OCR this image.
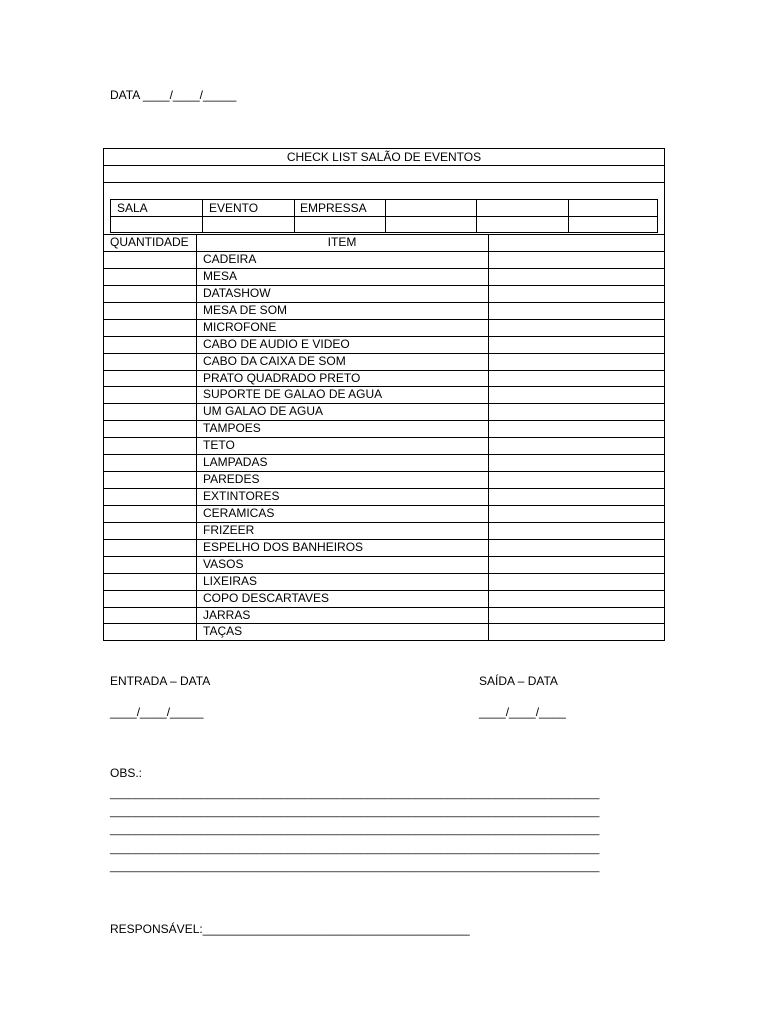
DATA ____/____/_____
CHECK LIST SALÃO DE EVENTOS
SALA	EVENTO	EMPRESSA
QUANTIDADE	ITEM
CADEIRA
MESA
DATASHOW
MESA DE SOM
MICROFONE
CABO DE AUDIO E VIDEO
CABO DA CAIXA DE SOM
PRATO QUADRADO PRETO
SUPORTE DE GALAO DE AGUA
UM GALAO DE AGUA
TAMPOES
TETO
LAMPADAS
PAREDES
EXTINTORES
CERAMICAS
FRIZEER
ESPELHO DOS BANHEIROS
VASOS
LIXEIRAS
COPO DESCARTAVES
JARRAS
TAÇAS
ENTRADA – DATA
____/____/_____
SAÍDA – DATA
____/____/____
OBS.:
________________________________________________________________________________
________________________________________________________________________________
________________________________________________________________________________
________________________________________________________________________________
________________________________________________________________________________
RESPONSÁVEL:________________________________________
